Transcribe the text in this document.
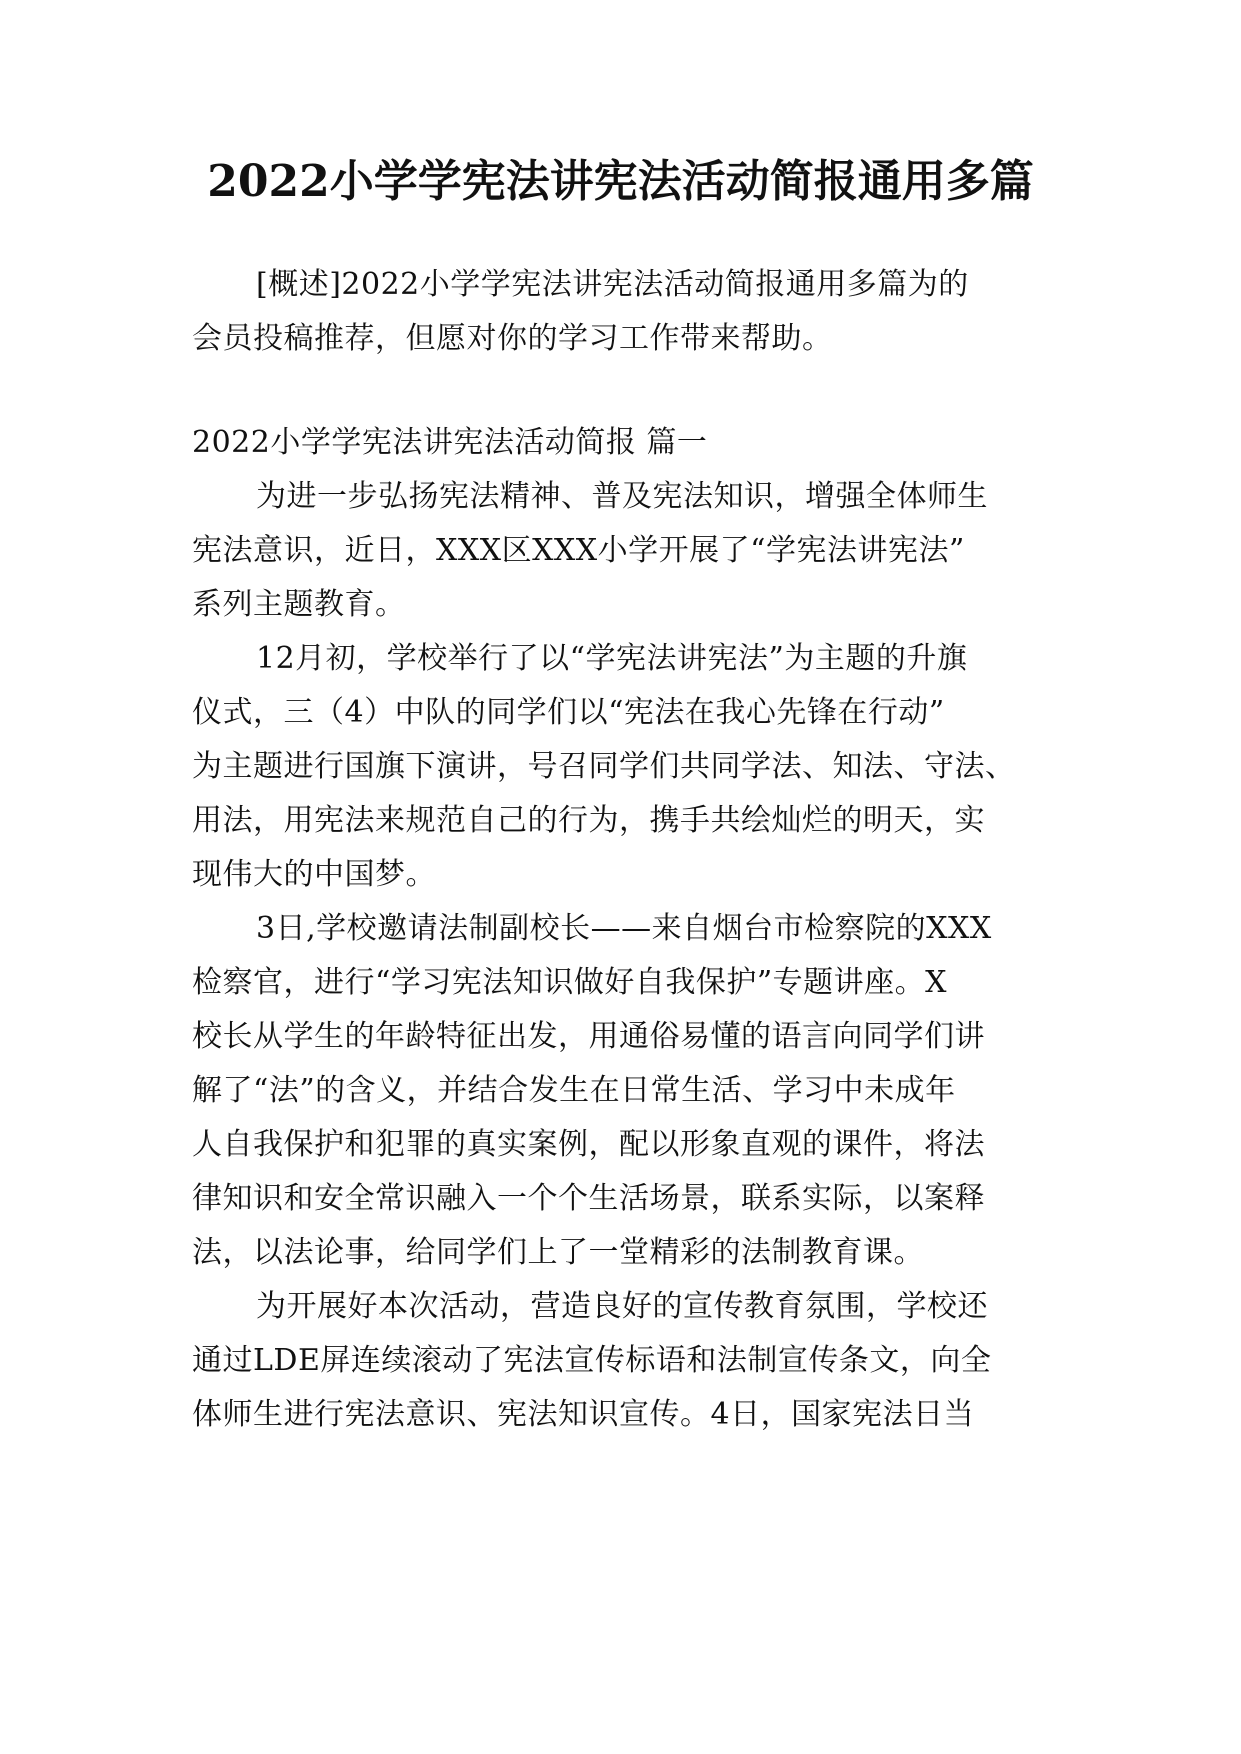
2022小学学宪法讲宪法活动简报通用多篇
[概述]2022小学学宪法讲宪法活动简报通用多篇为的
会员投稿推荐，但愿对你的学习工作带来帮助。
2022小学学宪法讲宪法活动简报 篇一
为进一步弘扬宪法精神、普及宪法知识，增强全体师生
宪法意识，近日，XXX区XXX小学开展了“学宪法讲宪法”
系列主题教育。
12月初，学校举行了以“学宪法讲宪法”为主题的升旗
仪式，三（4）中队的同学们以“宪法在我心先锋在行动”
为主题进行国旗下演讲，号召同学们共同学法、知法、守法、
用法，用宪法来规范自己的行为，携手共绘灿烂的明天，实
现伟大的中国梦。
3日,学校邀请法制副校长——来自烟台市检察院的XXX
检察官，进行“学习宪法知识做好自我保护”专题讲座。X
校长从学生的年龄特征出发，用通俗易懂的语言向同学们讲
解了“法”的含义，并结合发生在日常生活、学习中未成年
人自我保护和犯罪的真实案例，配以形象直观的课件，将法
律知识和安全常识融入一个个生活场景，联系实际，以案释
法，以法论事，给同学们上了一堂精彩的法制教育课。
为开展好本次活动，营造良好的宣传教育氛围，学校还
通过LDE屏连续滚动了宪法宣传标语和法制宣传条文，向全
体师生进行宪法意识、宪法知识宣传。4日，国家宪法日当
